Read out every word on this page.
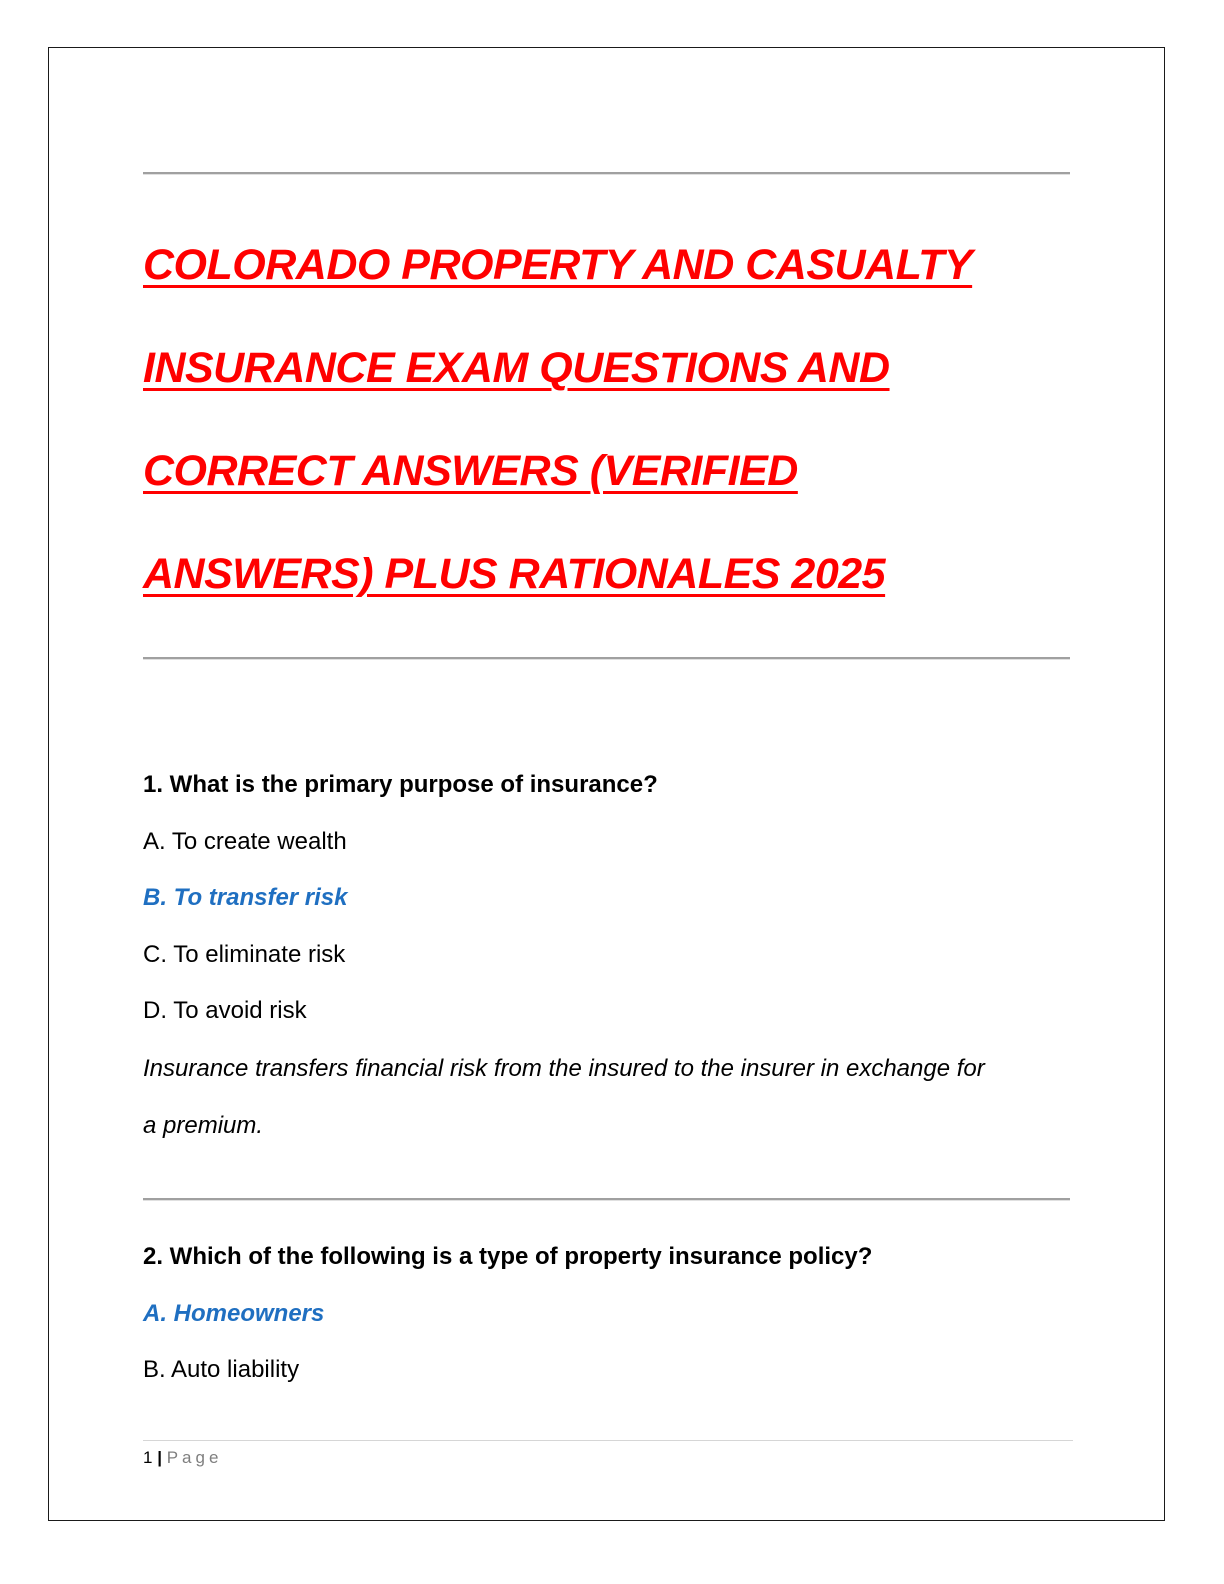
COLORADO PROPERTY AND CASUALTY
INSURANCE EXAM QUESTIONS AND
CORRECT ANSWERS (VERIFIED
ANSWERS) PLUS RATIONALES 2025
1. What is the primary purpose of insurance?
A. To create wealth
B. To transfer risk
C. To eliminate risk
D. To avoid risk
Insurance transfers financial risk from the insured to the insurer in exchange for a premium.
2. Which of the following is a type of property insurance policy?
A. Homeowners
B. Auto liability
1 | Page
